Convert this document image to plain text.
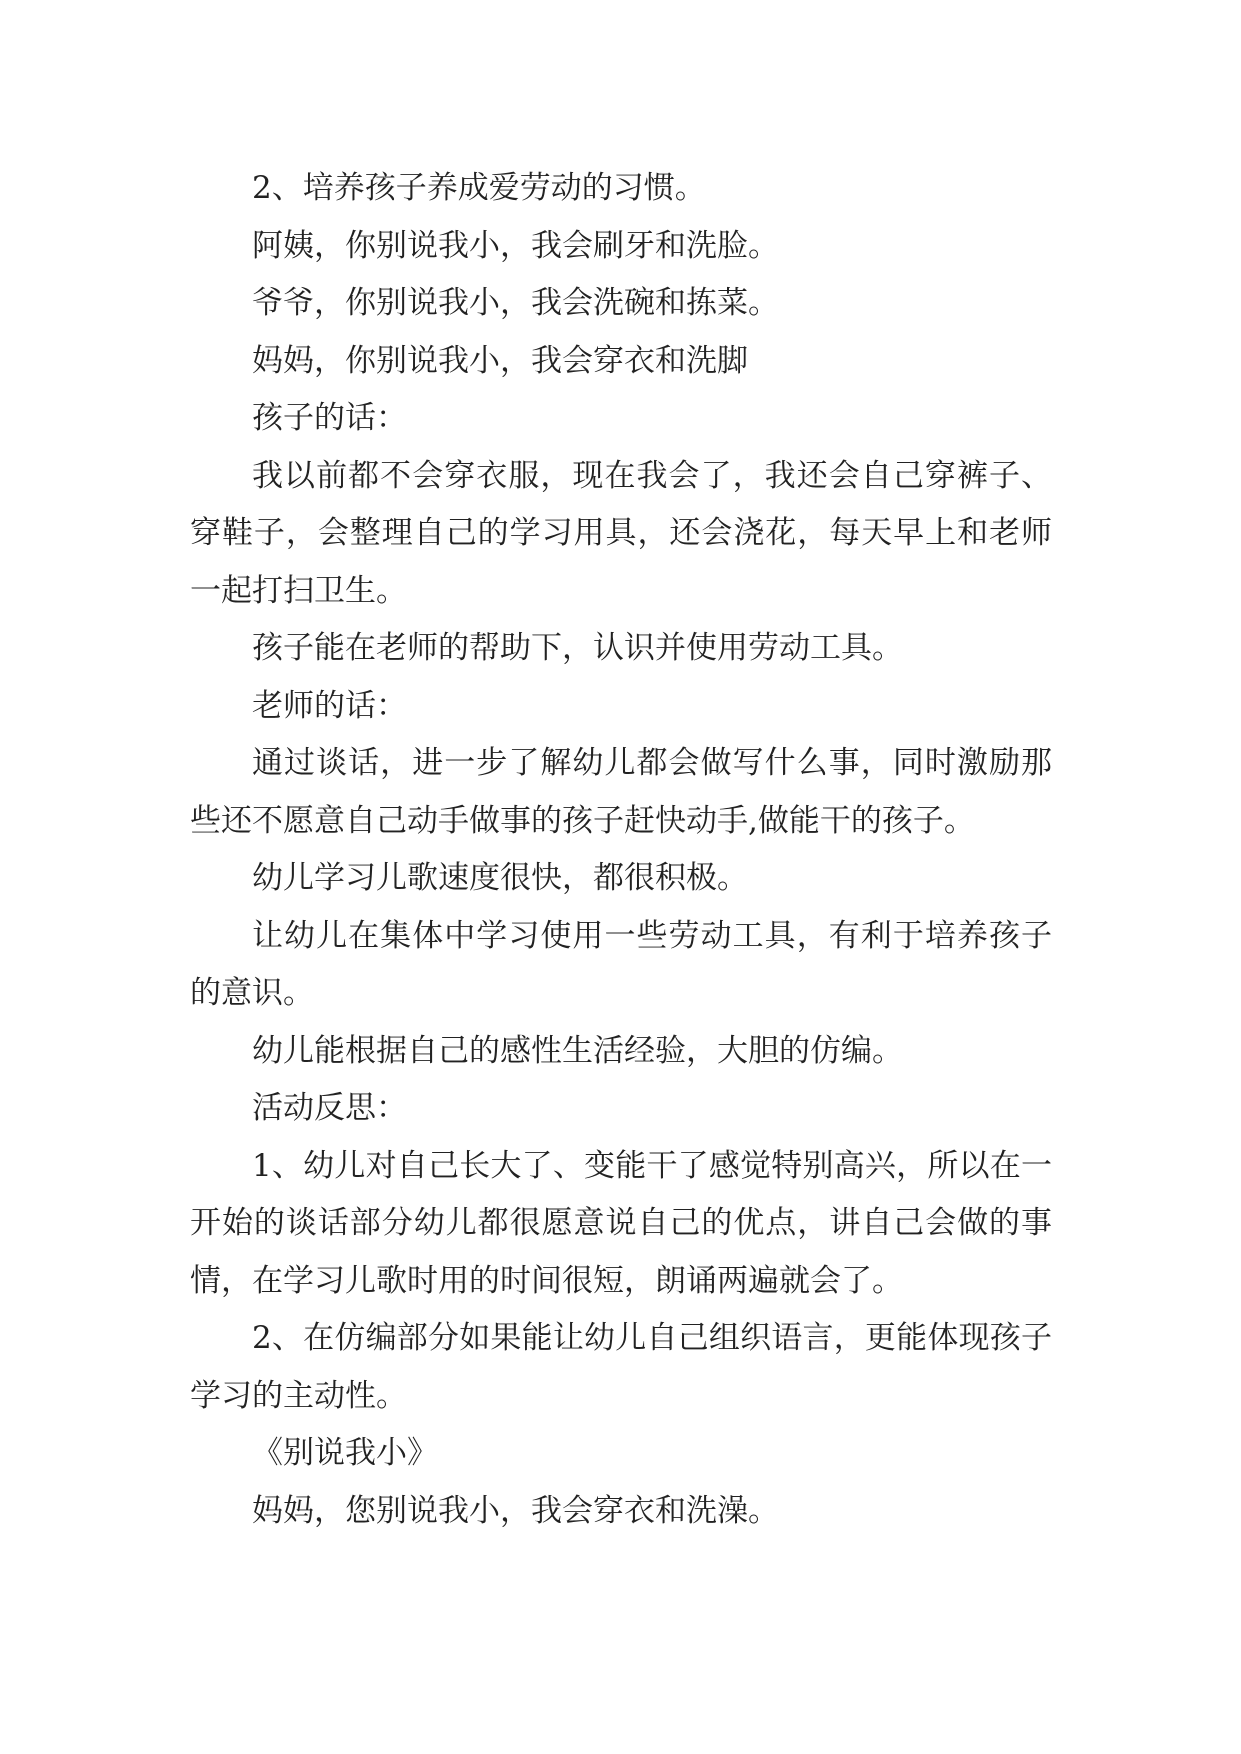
2、培养孩子养成爱劳动的习惯。

阿姨，你别说我小，我会刷牙和洗脸。

爷爷，你别说我小，我会洗碗和拣菜。

妈妈，你别说我小，我会穿衣和洗脚

孩子的话：

我以前都不会穿衣服，现在我会了，我还会自己穿裤子、穿鞋子，会整理自己的学习用具，还会浇花，每天早上和老师一起打扫卫生。

孩子能在老师的帮助下，认识并使用劳动工具。

老师的话：

通过谈话，进一步了解幼儿都会做写什么事，同时激励那些还不愿意自己动手做事的孩子赶快动手,做能干的孩子。

幼儿学习儿歌速度很快，都很积极。

让幼儿在集体中学习使用一些劳动工具，有利于培养孩子的意识。

幼儿能根据自己的感性生活经验，大胆的仿编。

活动反思：

1、幼儿对自己长大了、变能干了感觉特别高兴，所以在一开始的谈话部分幼儿都很愿意说自己的优点，讲自己会做的事情，在学习儿歌时用的时间很短，朗诵两遍就会了。

2、在仿编部分如果能让幼儿自己组织语言，更能体现孩子学习的主动性。

《别说我小》

妈妈，您别说我小，我会穿衣和洗澡。
